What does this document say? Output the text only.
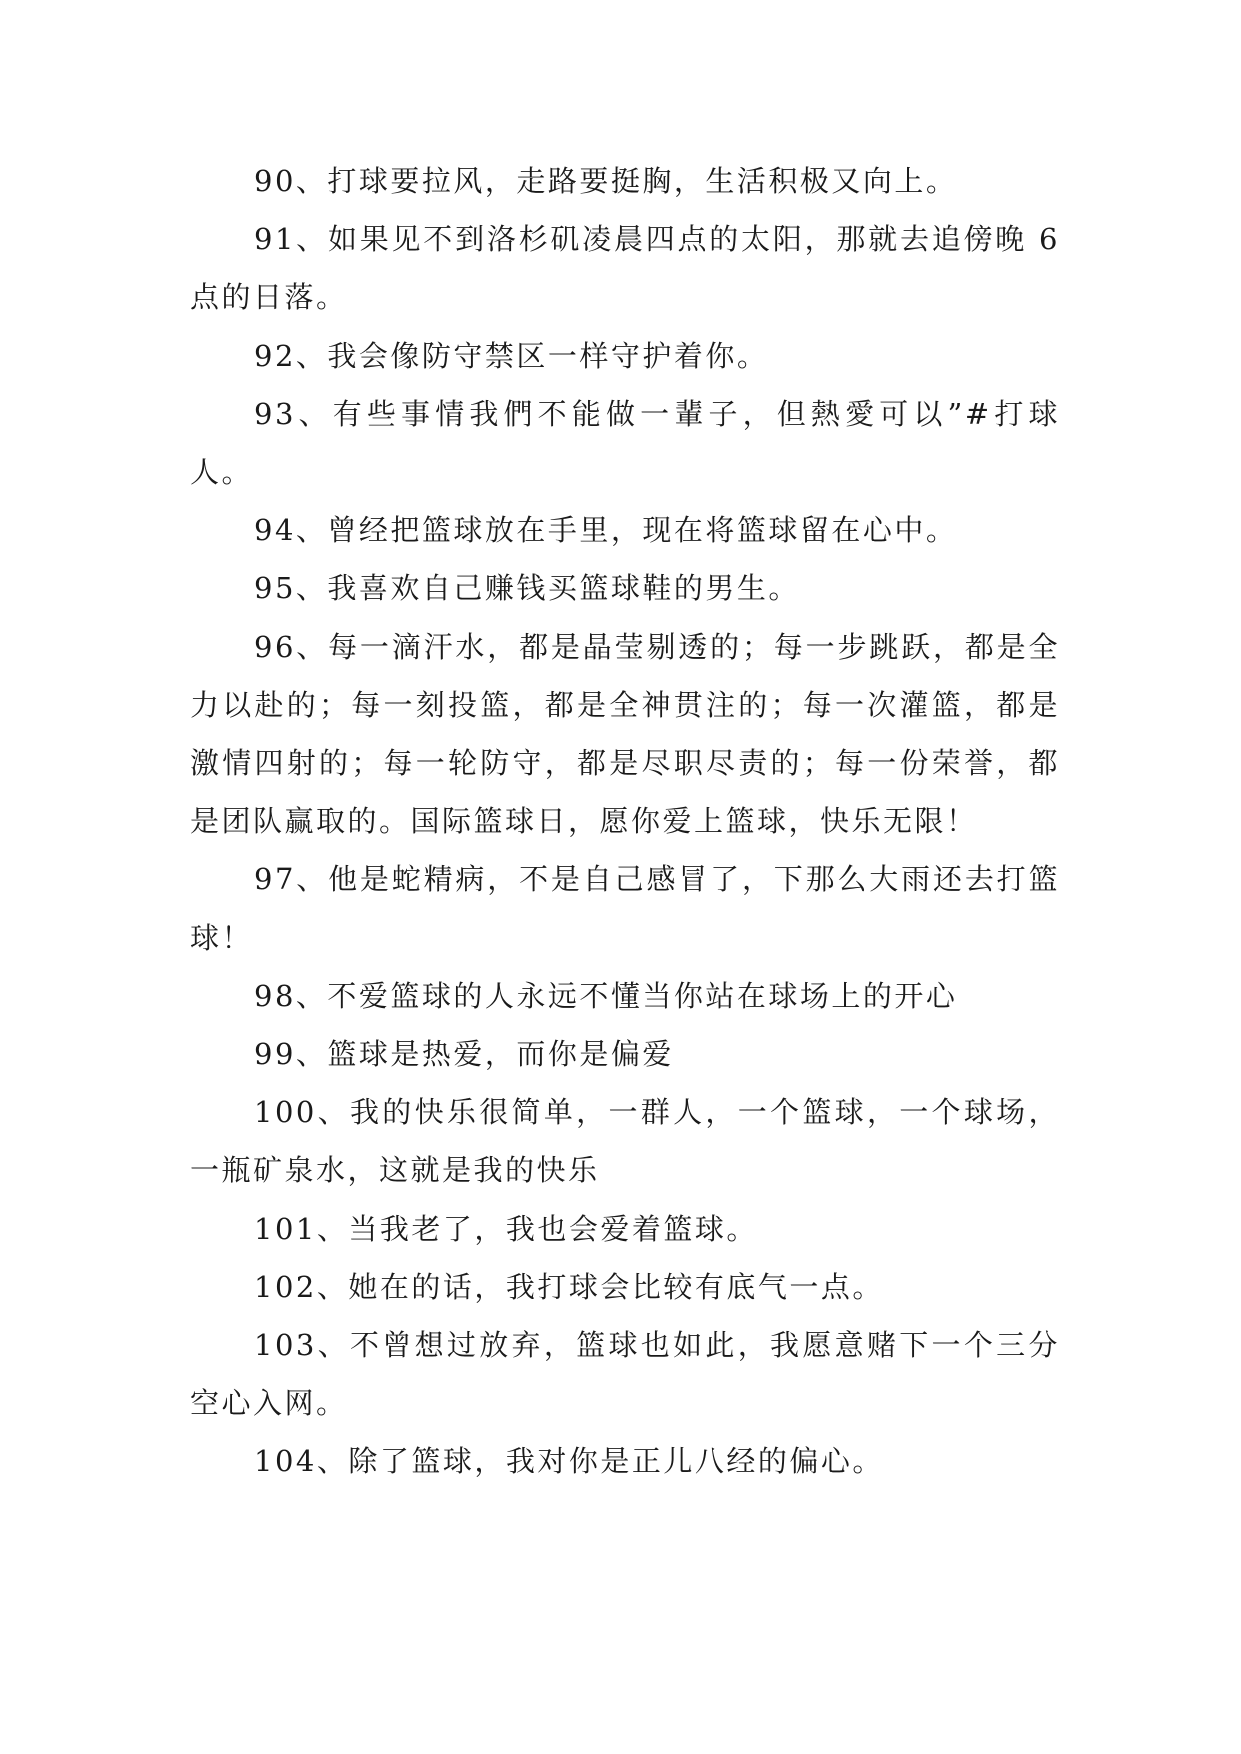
90、打球要拉风，走路要挺胸，生活积极又向上。

91、如果见不到洛杉矶凌晨四点的太阳，那就去追傍晚 6 点的日落。

92、我会像防守禁区一样守护着你。

93、有些事情我們不能做一輩子，但熱愛可以”#打球人。

94、曾经把篮球放在手里，现在将篮球留在心中。

95、我喜欢自己赚钱买篮球鞋的男生。

96、每一滴汗水，都是晶莹剔透的；每一步跳跃，都是全力以赴的；每一刻投篮，都是全神贯注的；每一次灌篮，都是激情四射的；每一轮防守，都是尽职尽责的；每一份荣誉，都是团队赢取的。国际篮球日，愿你爱上篮球，快乐无限！

97、他是蛇精病，不是自己感冒了，下那么大雨还去打篮球！

98、不爱篮球的人永远不懂当你站在球场上的开心

99、篮球是热爱，而你是偏爱

100、我的快乐很简单，一群人，一个篮球，一个球场，一瓶矿泉水，这就是我的快乐

101、当我老了，我也会爱着篮球。

102、她在的话，我打球会比较有底气一点。

103、不曾想过放弃，篮球也如此，我愿意赌下一个三分空心入网。

104、除了篮球，我对你是正儿八经的偏心。
